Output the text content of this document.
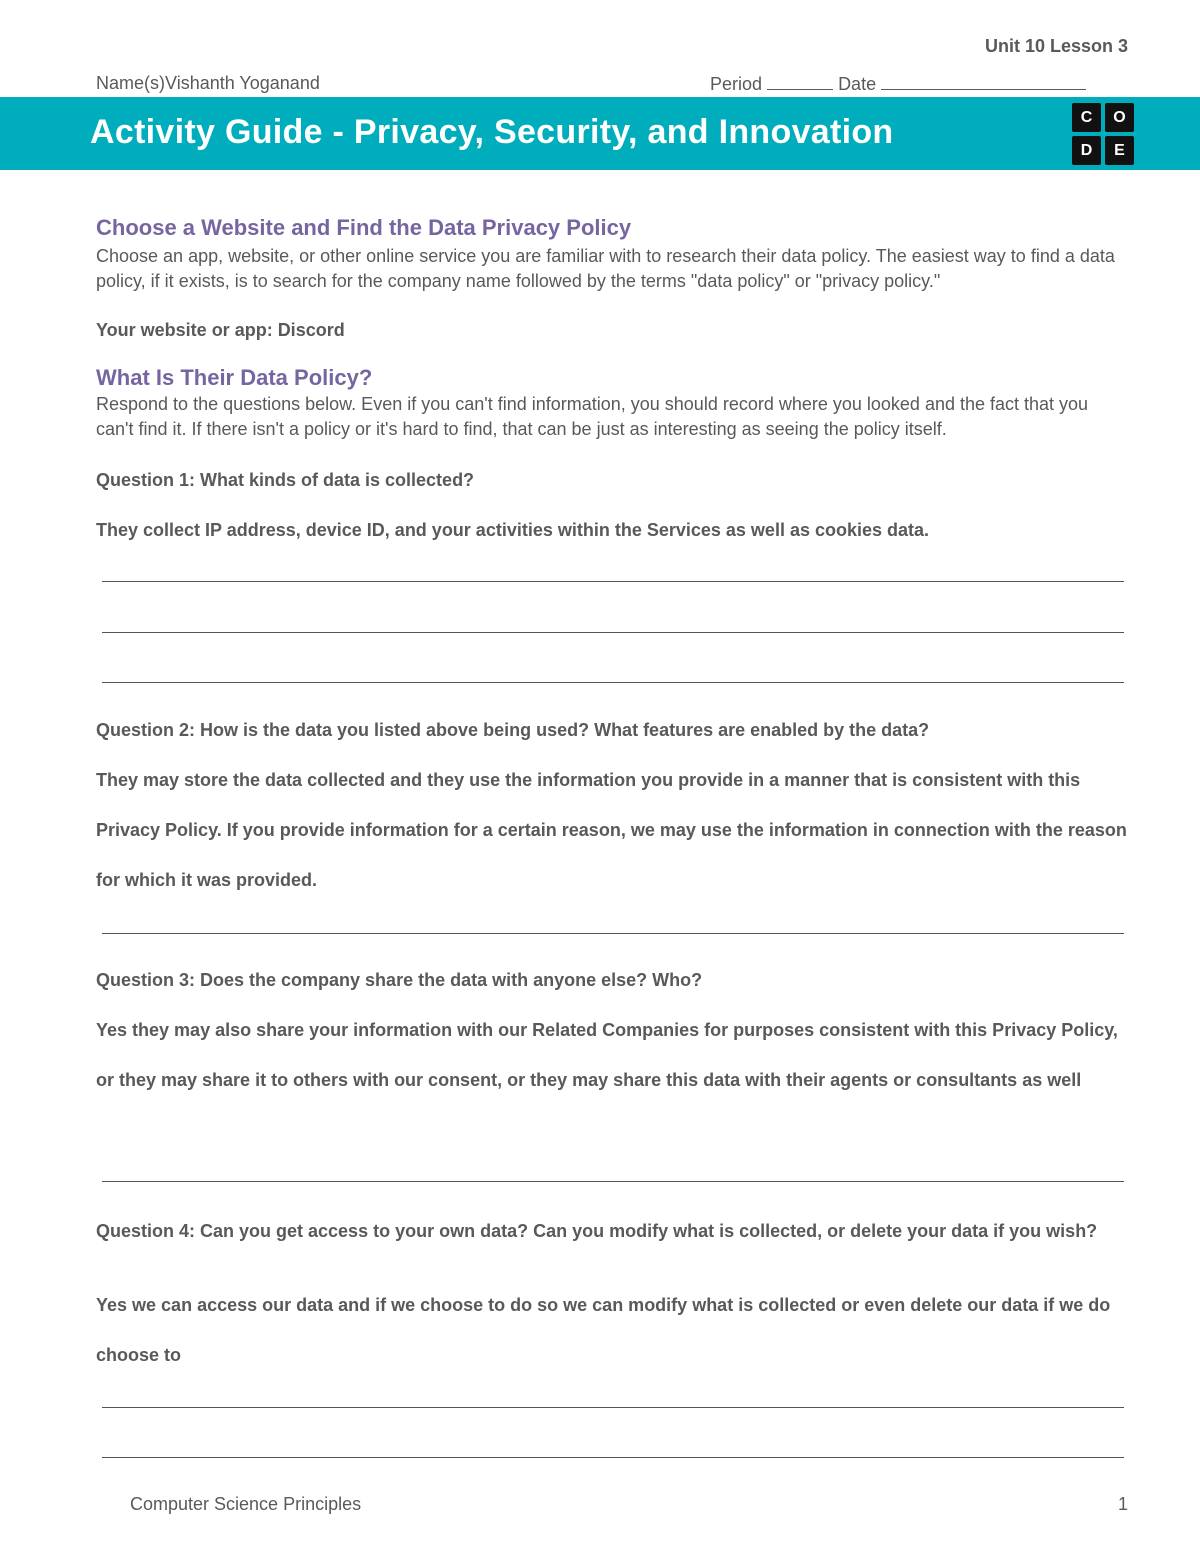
Unit 10 Lesson 3
Name(s)Vishanth Yoganand	Period	Date
Activity Guide - Privacy, Security, and Innovation	C	O
D	E
Choose a Website and Find the Data Privacy Policy
Choose an app, website, or other online service you are familiar with to research their data policy. The easiest way to find a data policy, if it exists, is to search for the company name followed by the terms "data policy" or "privacy policy."
Your website or app: Discord
What Is Their Data Policy?
Respond to the questions below. Even if you can't find information, you should record where you looked and the fact that you can't find it. If there isn't a policy or it's hard to find, that can be just as interesting as seeing the policy itself.
Question 1: What kinds of data is collected?
They collect IP address, device ID, and your activities within the Services as well as cookies data.
Question 2: How is the data you listed above being used? What features are enabled by the data?
They may store the data collected and they use the information you provide in a manner that is consistent with this Privacy Policy. If you provide information for a certain reason, we may use the information in connection with the reason for which it was provided.
Question 3: Does the company share the data with anyone else? Who?
Yes they may also share your information with our Related Companies for purposes consistent with this Privacy Policy, or they may share it to others with our consent, or they may share this data with their agents or consultants as well
Question 4: Can you get access to your own data? Can you modify what is collected, or delete your data if you wish?
Yes we can access our data and if we choose to do so we can modify what is collected or even delete our data if we do choose to
Computer Science Principles	1
